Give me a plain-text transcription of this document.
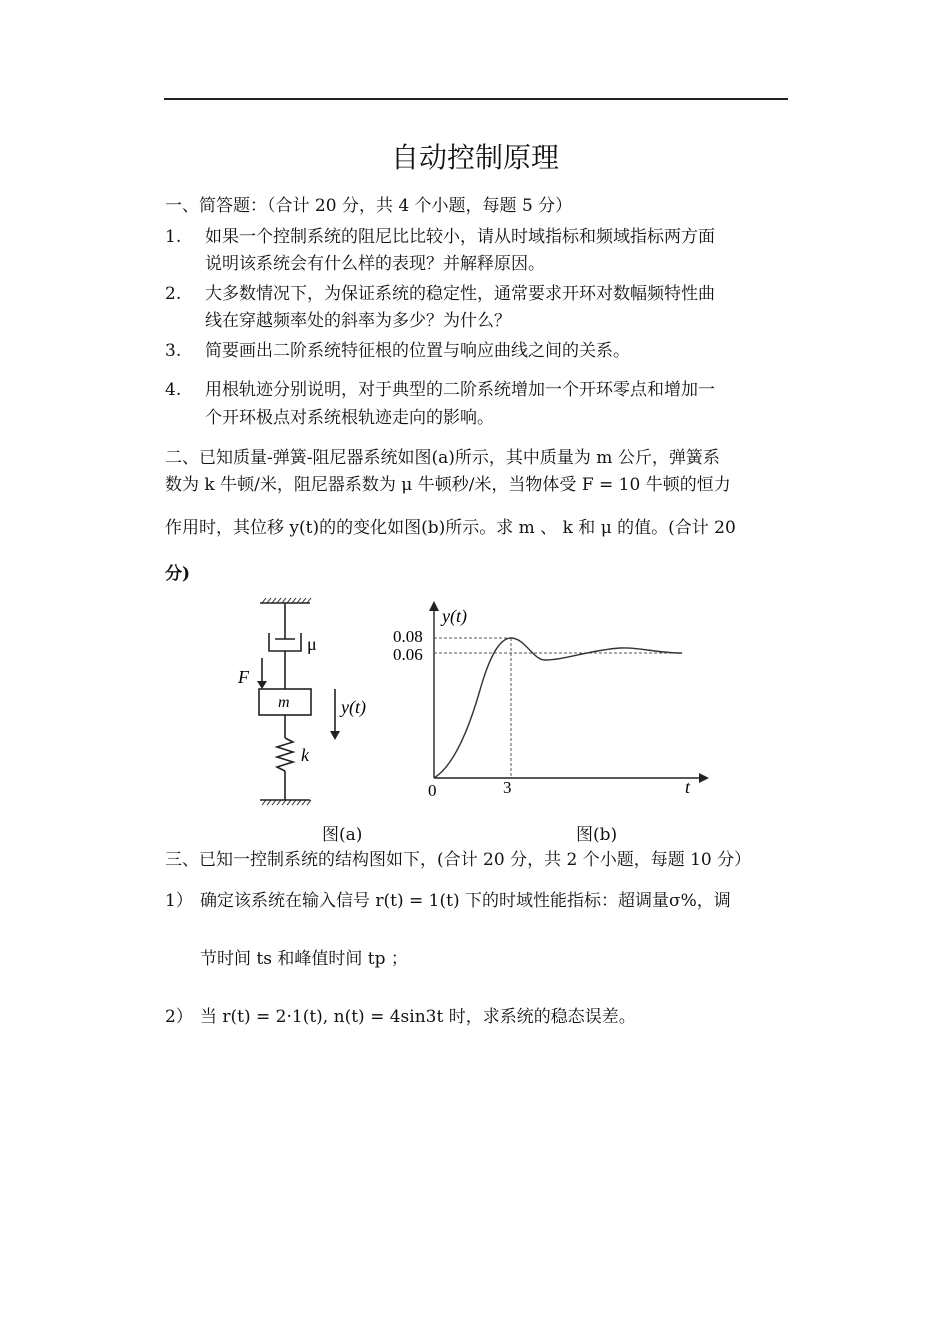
自动控制原理
一、简答题：（合计 20 分，共 4 个小题，每题 5 分）
1. 如果一个控制系统的阻尼比比较小，请从时域指标和频域指标两方面
说明该系统会有什么样的表现？并解释原因。
2. 大多数情况下，为保证系统的稳定性，通常要求开环对数幅频特性曲
线在穿越频率处的斜率为多少？为什么？
3. 简要画出二阶系统特征根的位置与响应曲线之间的关系。
4. 用根轨迹分别说明，对于典型的二阶系统增加一个开环零点和增加一
个开环极点对系统根轨迹走向的影响。
二、已知质量-弹簧-阻尼器系统如图(a)所示，其中质量为 m 公斤，弹簧系
数为 k 牛顿/米，阻尼器系数为 μ 牛顿秒/米，当物体受 F = 10 牛顿的恒力
作用时，其位移 y(t)的的变化如图(b)所示。求 m 、 k 和 μ 的值。(合计 20
分)
μ
F
m	y(t)
k
图(a)
y(t)
0.08
0.06
0	3	t
图(b)
三、已知一控制系统的结构图如下，(合计 20 分，共 2 个小题，每题 10 分）
1） 确定该系统在输入信号 r(t) = 1(t) 下的时域性能指标：超调量σ%，调
节时间 ts 和峰值时间 tp ；
2） 当 r(t) = 2·1(t), n(t) = 4sin3t 时，求系统的稳态误差。
